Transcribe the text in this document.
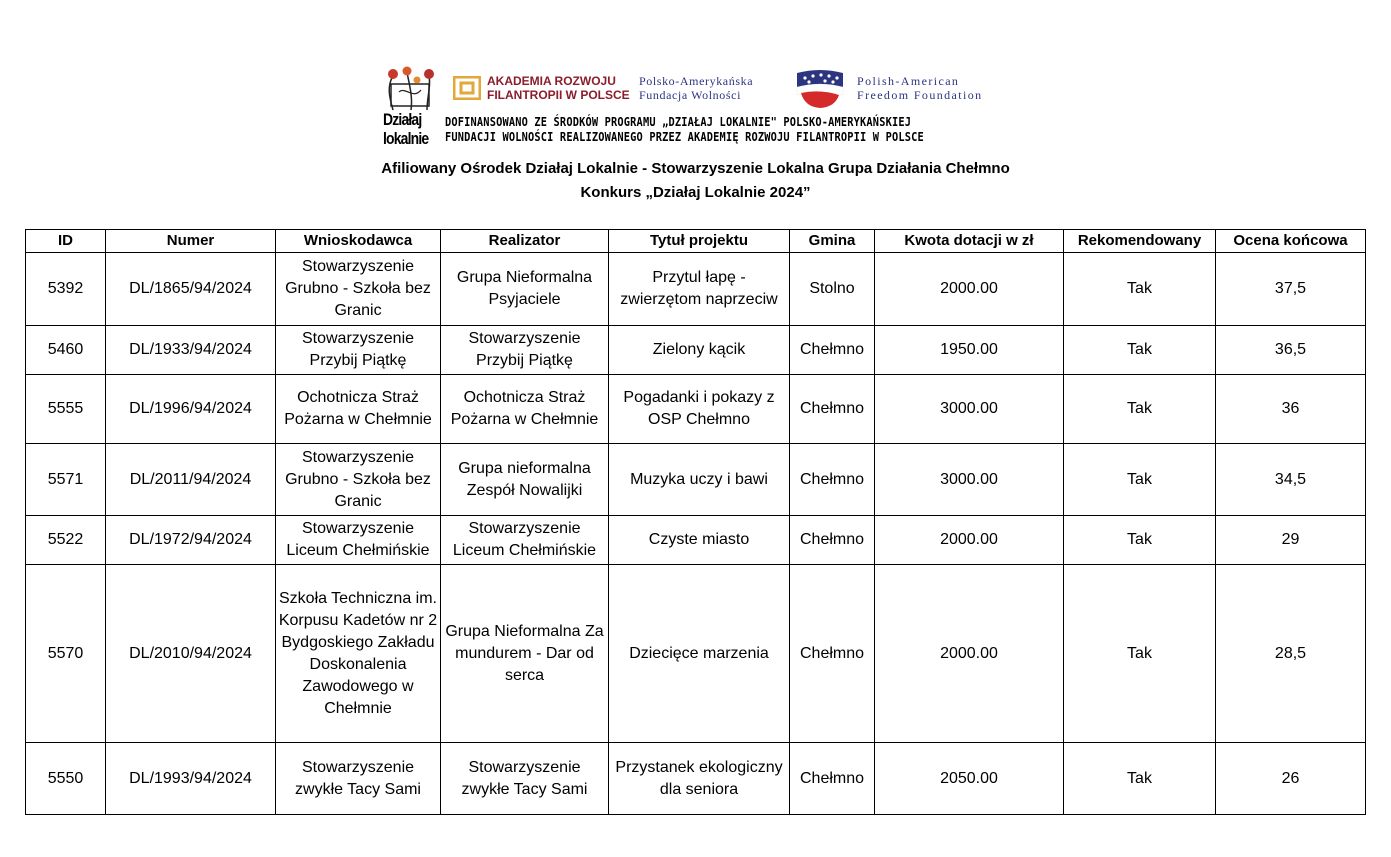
Działaj
lokalnie
AKADEMIA ROZWOJU
FILANTROPII W POLSCE
Polsko-Amerykańska
Fundacja Wolności
Polish-American
Freedom Foundation
DOFINANSOWANO ZE ŚRODKÓW PROGRAMU „DZIAŁAJ LOKALNIE" POLSKO-AMERYKAŃSKIEJ
FUNDACJI WOLNOŚCI REALIZOWANEGO PRZEZ AKADEMIĘ ROZWOJU FILANTROPII W POLSCE
Afiliowany Ośrodek Działaj Lokalnie - Stowarzyszenie Lokalna Grupa Działania Chełmno
Konkurs „Działaj Lokalnie 2024”
ID	Numer	Wnioskodawca	Realizator	Tytuł projektu	Gmina	Kwota dotacji w zł	Rekomendowany	Ocena końcowa
5392	DL/1865/94/2024	Stowarzyszenie Grubno - Szkoła bez Granic	Grupa Nieformalna Psyjaciele	Przytul łapę - zwierzętom naprzeciw	Stolno	2000.00	Tak	37,5
5460	DL/1933/94/2024	Stowarzyszenie Przybij Piątkę	Stowarzyszenie Przybij Piątkę	Zielony kącik	Chełmno	1950.00	Tak	36,5
5555	DL/1996/94/2024	Ochotnicza Straż Pożarna w Chełmnie	Ochotnicza Straż Pożarna w Chełmnie	Pogadanki i pokazy z OSP Chełmno	Chełmno	3000.00	Tak	36
5571	DL/2011/94/2024	Stowarzyszenie Grubno - Szkoła bez Granic	Grupa nieformalna Zespół Nowalijki	Muzyka uczy i bawi	Chełmno	3000.00	Tak	34,5
5522	DL/1972/94/2024	Stowarzyszenie Liceum Chełmińskie	Stowarzyszenie Liceum Chełmińskie	Czyste miasto	Chełmno	2000.00	Tak	29
5570	DL/2010/94/2024	Szkoła Techniczna im. Korpusu Kadetów nr 2 Bydgoskiego Zakładu Doskonalenia Zawodowego w Chełmnie	Grupa Nieformalna Za mundurem - Dar od serca	Dziecięce marzenia	Chełmno	2000.00	Tak	28,5
5550	DL/1993/94/2024	Stowarzyszenie zwykłe Tacy Sami	Stowarzyszenie zwykłe Tacy Sami	Przystanek ekologiczny dla seniora	Chełmno	2050.00	Tak	26
